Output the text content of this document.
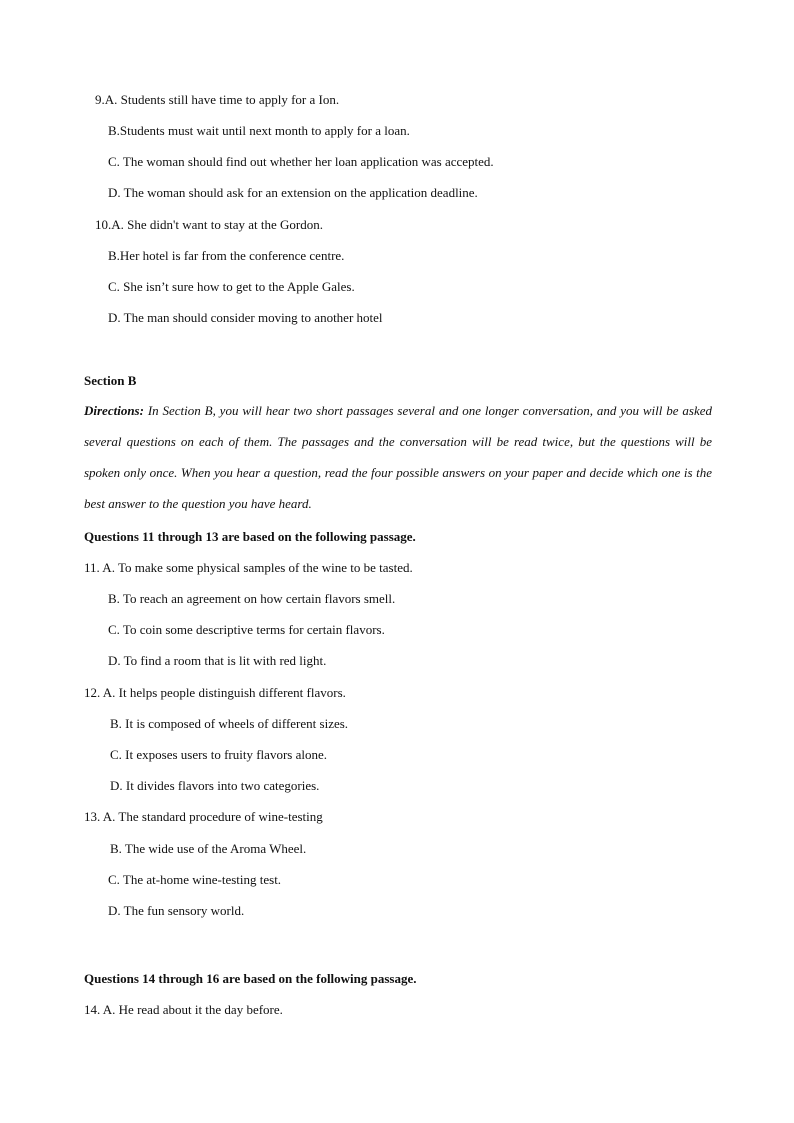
9.A. Students still have time to apply for a Ion.
B.Students must wait until next month to apply for a loan.
C. The woman should find out whether her loan application was accepted.
D. The woman should ask for an extension on the application deadline.
10.A. She didn't want to stay at the Gordon.
B.Her hotel is far from the conference centre.
C. She isn’t sure how to get to the Apple Gales.
D. The man should consider moving to another hotel
Section B
Directions: In Section B, you will hear two short passages several and one longer conversation, and you will be asked several questions on each of them. The passages and the conversation will be read twice, but the questions will be spoken only once. When you hear a question, read the four possible answers on your paper and decide which one is the best answer to the question you have heard.
Questions 11 through 13 are based on the following passage.
11. A. To make some physical samples of the wine to be tasted.
B. To reach an agreement on how certain flavors smell.
C. To coin some descriptive terms for certain flavors.
D. To find a room that is lit with red light.
12. A. It helps people distinguish different flavors.
B. It is composed of wheels of different sizes.
C. It exposes users to fruity flavors alone.
D. It divides flavors into two categories.
13. A. The standard procedure of wine-testing
B. The wide use of the Aroma Wheel.
C. The at-home wine-testing test.
D. The fun sensory world.
Questions 14 through 16 are based on the following passage.
14. A. He read about it the day before.
